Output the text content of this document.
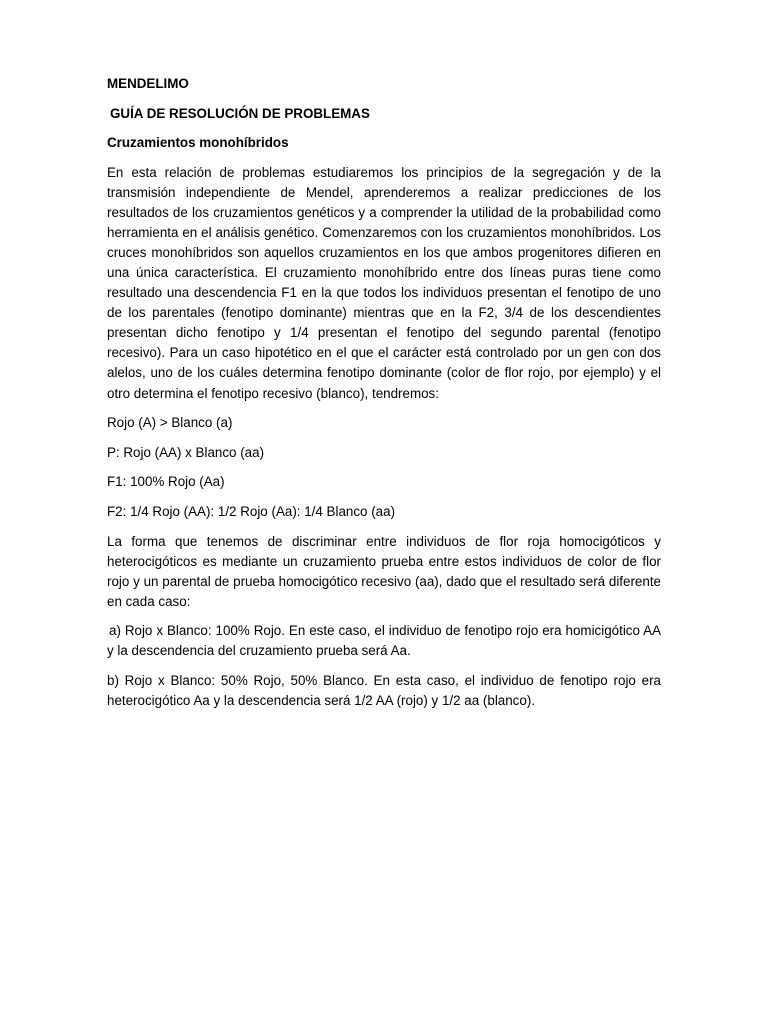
MENDELIMO

GUÍA DE RESOLUCIÓN DE PROBLEMAS

Cruzamientos monohíbridos

En esta relación de problemas estudiaremos los principios de la segregación y de la transmisión independiente de Mendel, aprenderemos a realizar predicciones de los resultados de los cruzamientos genéticos y a comprender la utilidad de la probabilidad como herramienta en el análisis genético. Comenzaremos con los cruzamientos monohíbridos. Los cruces monohíbridos son aquellos cruzamientos en los que ambos progenitores difieren en una única característica. El cruzamiento monohíbrido entre dos líneas puras tiene como resultado una descendencia F1 en la que todos los individuos presentan el fenotipo de uno de los parentales (fenotipo dominante) mientras que en la F2, 3/4 de los descendientes presentan dicho fenotipo y 1/4 presentan el fenotipo del segundo parental (fenotipo recesivo). Para un caso hipotético en el que el carácter está controlado por un gen con dos alelos, uno de los cuáles determina fenotipo dominante (color de flor rojo, por ejemplo) y el otro determina el fenotipo recesivo (blanco), tendremos:

Rojo (A) > Blanco (a)

P: Rojo (AA) x Blanco (aa)

F1: 100% Rojo (Aa)

F2: 1/4 Rojo (AA): 1/2 Rojo (Aa): 1/4 Blanco (aa)

La forma que tenemos de discriminar entre individuos de flor roja homocigóticos y heterocigóticos es mediante un cruzamiento prueba entre estos individuos de color de flor rojo y un parental de prueba homocigótico recesivo (aa), dado que el resultado será diferente en cada caso:

a) Rojo x Blanco: 100% Rojo. En este caso, el individuo de fenotipo rojo era homicigótico AA y la descendencia del cruzamiento prueba será Aa.

b) Rojo x Blanco: 50% Rojo, 50% Blanco. En esta caso, el individuo de fenotipo rojo era heterocigótico Aa y la descendencia será 1/2 AA (rojo) y 1/2 aa (blanco).
